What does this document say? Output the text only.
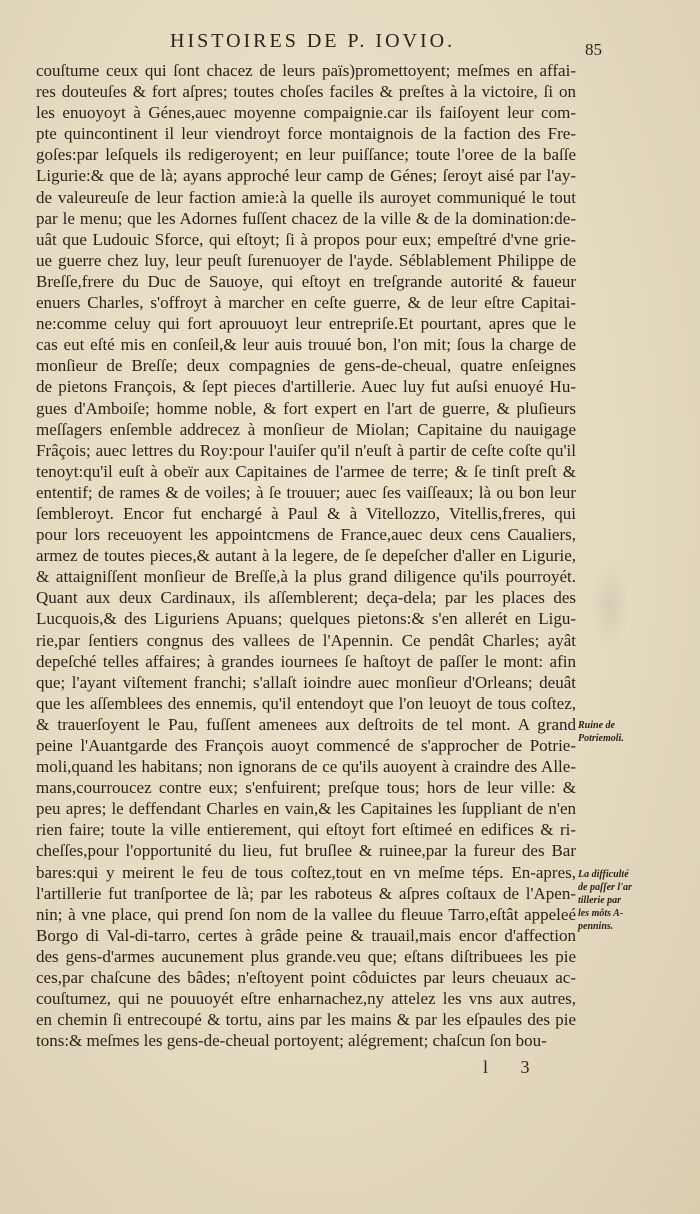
HISTOIRES DE P. IOVIO.	85
couſtume ceux qui ſont chacez de leurs païs)promettoyent; meſmes en affai-
res douteuſes & fort aſpres; toutes choſes faciles & preſtes à la victoire, ſi on
les enuoyoyt à Génes,auec moyenne compaignie.car ils faiſoyent leur com-
pte quincontinent il leur viendroyt force montaignois de la faction des Fre-
goſes:par leſquels ils redigeroyent; en leur puiſſance; toute l'oree de la baſſe
Ligurie:& que de là; ayans approché leur camp de Génes; ſeroyt aisé par l'ay-
de valeureuſe de leur faction amie:à la quelle ils auroyet communiqué le tout
par le menu; que les Adornes fuſſent chacez de la ville & de la domination:de-
uât que Ludouic Sforce, qui eſtoyt; ſi à propos pour eux; empeſtré d'vne grie-
ue guerre chez luy, leur peuſt ſurenuoyer de l'ayde. Séblablement Philippe de
Breſſe,frere du Duc de Sauoye, qui eſtoyt en treſgrande autorité & faueur
enuers Charles, s'offroyt à marcher en ceſte guerre, & de leur eſtre Capitai-
ne:comme celuy qui fort aprouuoyt leur entrepriſe.Et pourtant, apres que le
cas eut eſté mis en conſeil,& leur auis trouué bon, l'on mit; ſous la charge de
monſieur de Breſſe; deux compagnies de gens-de-cheual, quatre enſeignes
de pietons François, & ſept pieces d'artillerie. Auec luy fut auſsi enuoyé Hu-
gues d'Amboiſe; homme noble, & fort expert en l'art de guerre, & pluſieurs
meſſagers enſemble addrecez à monſieur de Miolan; Capitaine du nauigage
Frâçois; auec lettres du Roy:pour l'auiſer qu'il n'euſt à partir de ceſte coſte qu'il
tenoyt:qu'il euſt à obeïr aux Capitaines de l'armee de terre; & ſe tinſt preſt &
ententif; de rames & de voiles; à ſe trouuer; auec ſes vaiſſeaux; là ou bon leur
ſembleroyt. Encor fut enchargé à Paul & à Vitellozzo, Vitellis,freres, qui
pour lors receuoyent les appointcmens de France,auec deux cens Caualiers,
armez de toutes pieces,& autant à la legere, de ſe depeſcher d'aller en Ligurie,
& attaigniſſent monſieur de Breſſe,à la plus grand diligence qu'ils pourroyét.
Quant aux deux Cardinaux, ils aſſemblerent; deça-dela; par les places des
Lucquois,& des Liguriens Apuans; quelques pietons:& s'en allerét en Ligu-
rie,par ſentiers congnus des vallees de l'Apennin. Ce pendât Charles; ayât
depeſché telles affaires; à grandes iournees ſe haſtoyt de paſſer le mont: afin
que; l'ayant viſtement franchi; s'allaſt ioindre auec monſieur d'Orleans; deuât
que les aſſemblees des ennemis, qu'il entendoyt que l'on leuoyt de tous coſtez,
& trauerſoyent le Pau, fuſſent amenees aux deſtroits de tel mont. A grand
peine l'Auantgarde des François auoyt commencé de s'approcher de Potrie-
moli,quand les habitans; non ignorans de ce qu'ils auoyent à craindre des Alle-
mans,courroucez contre eux; s'enfuirent; preſque tous; hors de leur ville: &
peu apres; le deffendant Charles en vain,& les Capitaines les ſuppliant de n'en
rien faire; toute la ville entierement, qui eſtoyt fort eſtimeé en edifices & ri-
cheſſes,pour l'opportunité du lieu, fut bruſlee & ruinee,par la fureur des Bar
bares:qui y meirent le feu de tous coſtez,tout en vn meſme téps. En-apres,
l'artillerie fut tranſportee de là; par les raboteus & aſpres coſtaux de l'Apen-
nin; à vne place, qui prend ſon nom de la vallee du fleuue Tarro,eſtât appeleé
Borgo di Val-di-tarro, certes à grâde peine & trauail,mais encor d'affection
des gens-d'armes aucunement plus grande.veu que; eſtans diſtribuees les pie
ces,par chaſcune des bâdes; n'eſtoyent point côduictes par leurs cheuaux ac-
couſtumez, qui ne pouuoyét eſtre enharnachez,ny attelez les vns aux autres,
en chemin ſi entrecoupé & tortu, ains par les mains & par les eſpaules des pie
tons:& meſmes les gens-de-cheual portoyent; alégrement; chaſcun ſon bou-
Ruine de
Potriemoli.
La difficulté
de paſſer l'ar
tillerie par
les môts A-
pennins.
l 3
